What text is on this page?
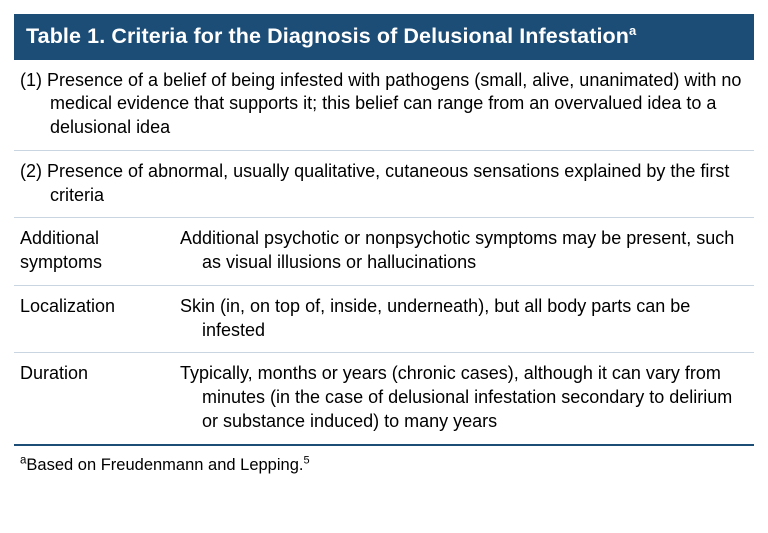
Table 1. Criteria for the Diagnosis of Delusional Infestation$^a$
(1) Presence of a belief of being infested with pathogens (small, alive, unanimated) with no medical evidence that supports it; this belief can range from an overvalued idea to a delusional idea
(2) Presence of abnormal, usually qualitative, cutaneous sensations explained by the first criteria
Additional symptoms
Additional psychotic or nonpsychotic symptoms may be present, such as visual illusions or hallucinations
Localization	Skin (in, on top of, inside, underneath), but all body parts can be infested
Duration	Typically, months or years (chronic cases), although it can vary from minutes (in the case of delusional infestation secondary to delirium or substance induced) to many years
$^a$Based on Freudenmann and Lepping.$^5$
